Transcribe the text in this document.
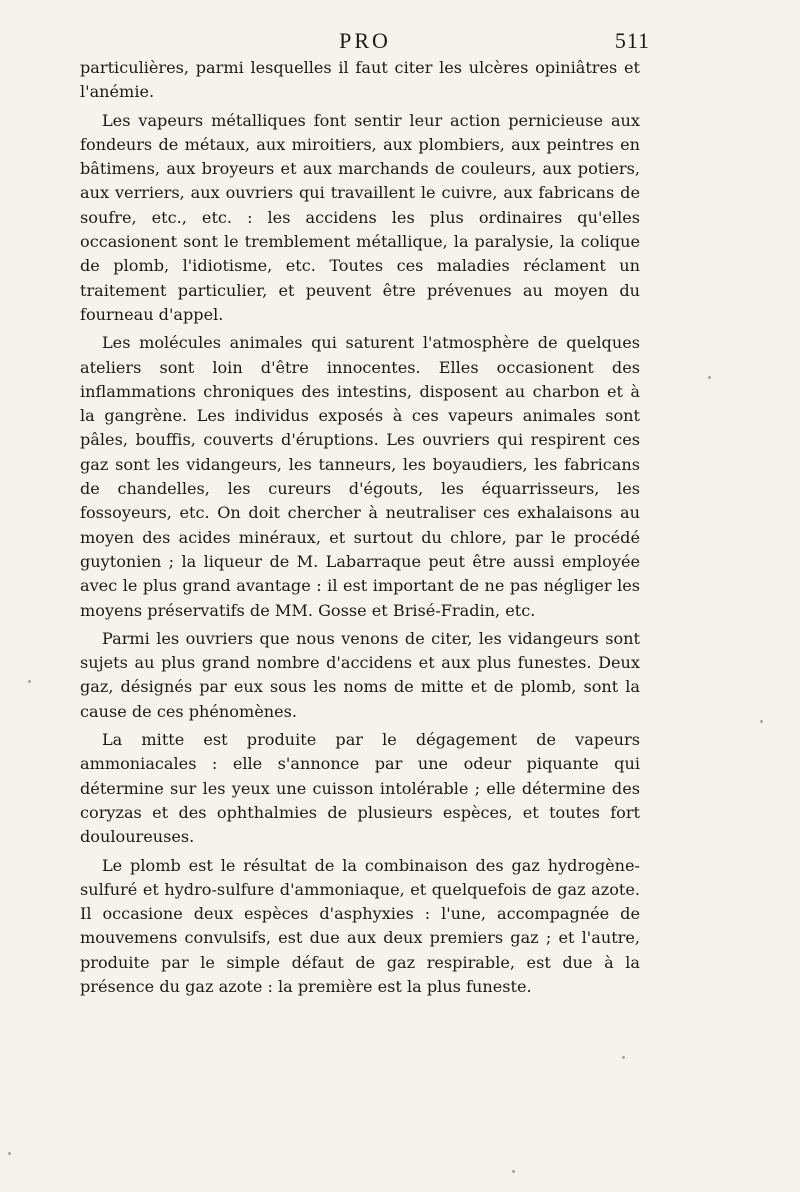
PRO	511

particulières, parmi lesquelles il faut citer les ulcères opiniâtres et l'anémie.

Les vapeurs métalliques font sentir leur action pernicieuse aux fondeurs de métaux, aux miroitiers, aux plombiers, aux peintres en bâtimens, aux broyeurs et aux marchands de couleurs, aux potiers, aux verriers, aux ouvriers qui travaillent le cuivre, aux fabricans de soufre, etc., etc. : les accidens les plus ordinaires qu'elles occasionent sont le tremblement métallique, la paralysie, la colique de plomb, l'idiotisme, etc. Toutes ces maladies réclament un traitement particulier, et peuvent être prévenues au moyen du fourneau d'appel.

Les molécules animales qui saturent l'atmosphère de quelques ateliers sont loin d'être innocentes. Elles occasionent des inflammations chroniques des intestins, disposent au charbon et à la gangrène. Les individus exposés à ces vapeurs animales sont pâles, bouffis, couverts d'éruptions. Les ouvriers qui respirent ces gaz sont les vidangeurs, les tanneurs, les boyaudiers, les fabricans de chandelles, les cureurs d'égouts, les équarrisseurs, les fossoyeurs, etc. On doit chercher à neutraliser ces exhalaisons au moyen des acides minéraux, et surtout du chlore, par le procédé guytonien ; la liqueur de M. Labarraque peut être aussi employée avec le plus grand avantage : il est important de ne pas négliger les moyens préservatifs de MM. Gosse et Brisé-Fradin, etc.

Parmi les ouvriers que nous venons de citer, les vidangeurs sont sujets au plus grand nombre d'accidens et aux plus funestes. Deux gaz, désignés par eux sous les noms de mitte et de plomb, sont la cause de ces phénomènes.

La mitte est produite par le dégagement de vapeurs ammoniacales : elle s'annonce par une odeur piquante qui détermine sur les yeux une cuisson intolérable ; elle détermine des coryzas et des ophthalmies de plusieurs espèces, et toutes fort douloureuses.

Le plomb est le résultat de la combinaison des gaz hydrogène-sulfuré et hydro-sulfure d'ammoniaque, et quelquefois de gaz azote. Il occasione deux espèces d'asphyxies : l'une, accompagnée de mouvemens convulsifs, est due aux deux premiers gaz ; et l'autre, produite par le simple défaut de gaz respirable, est due à la présence du gaz azote : la première est la plus funeste.
